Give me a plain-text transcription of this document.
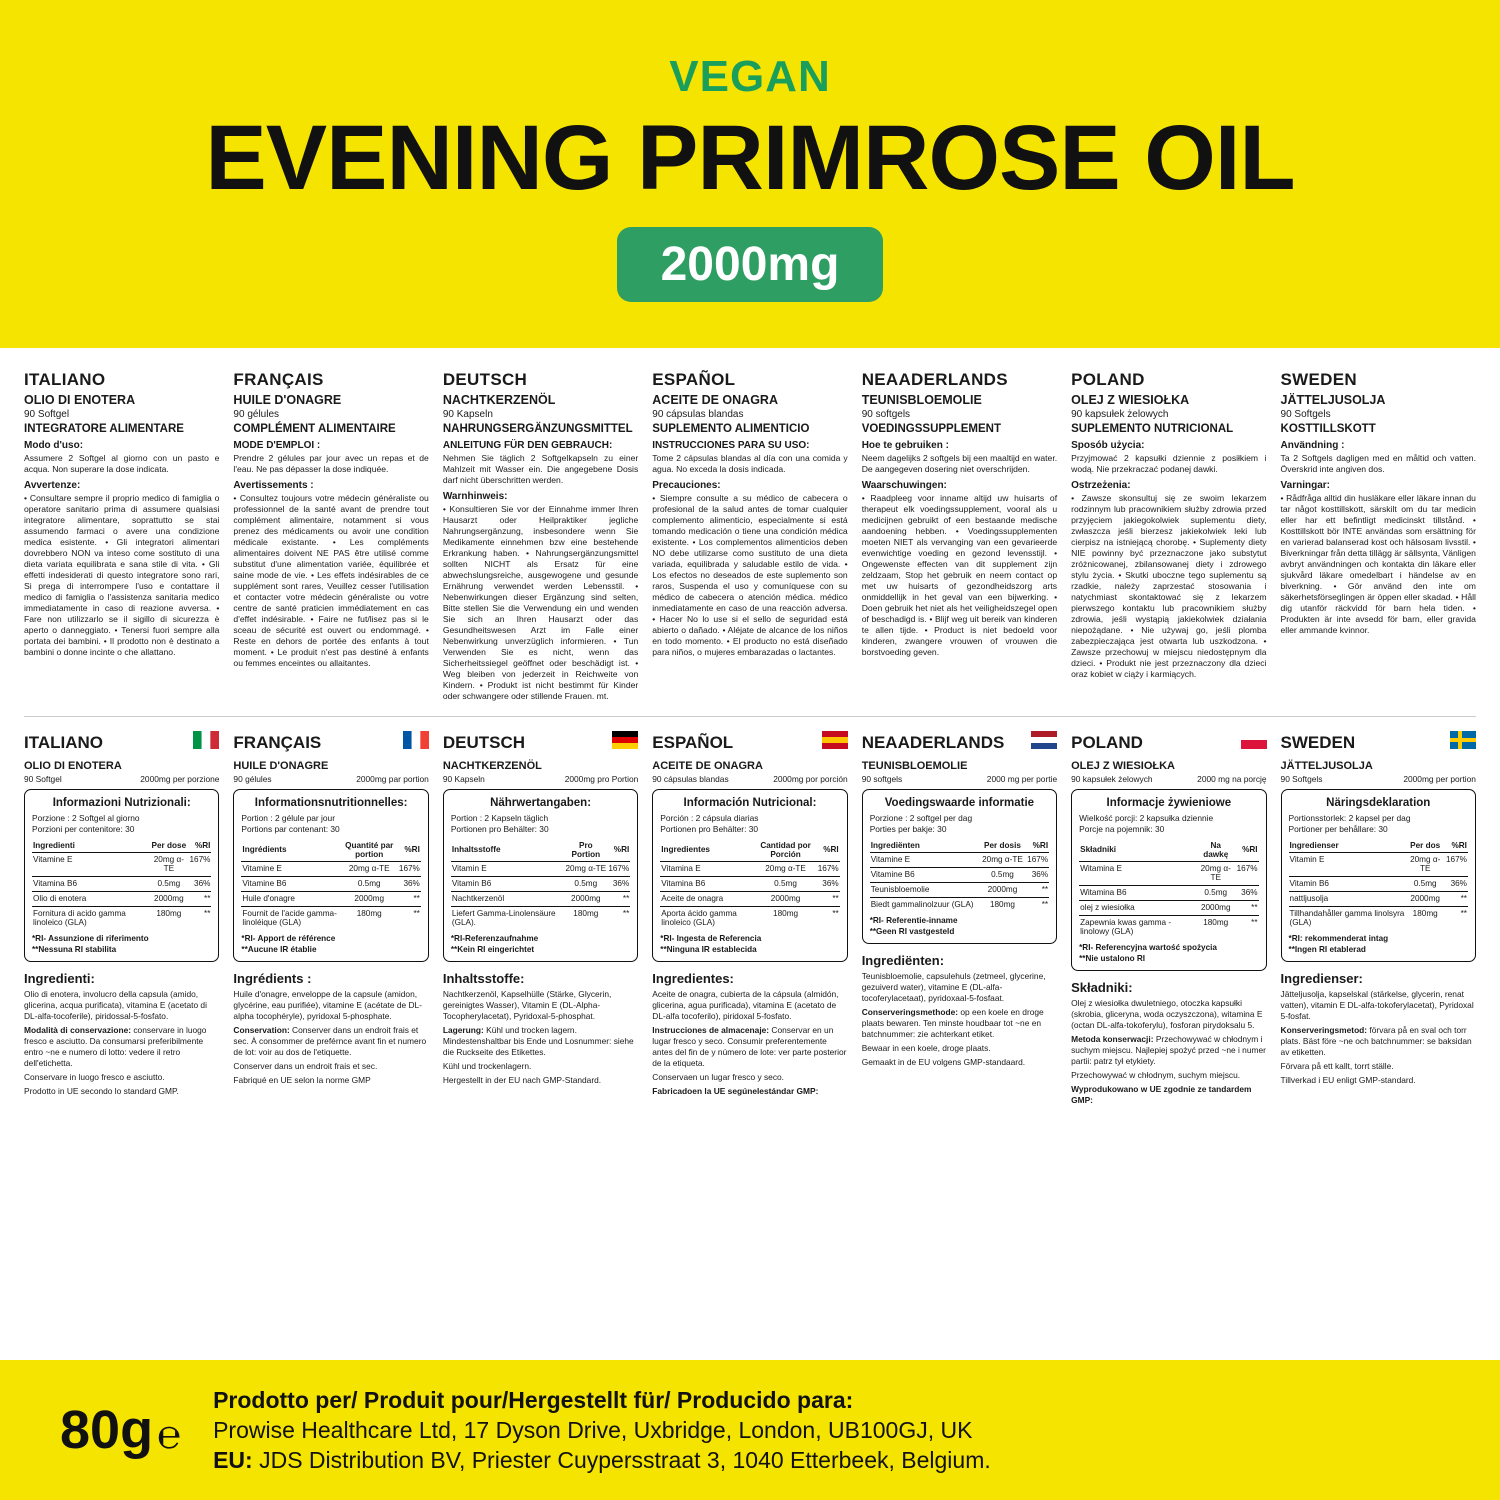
VEGAN
EVENING PRIMROSE OIL
2000mg
ITALIANO
OLIO DI ENOTERA
90 Softgel
INTEGRATORE ALIMENTARE
Modo d'uso:
Assumere 2 Softgel al giorno con un pasto e acqua. Non superare la dose indicata.
Avvertenze:
• Consultare sempre il proprio medico di famiglia o operatore sanitario prima di assumere qualsiasi integratore alimentare, soprattutto se stai assumendo farmaci o avere una condizione medica esistente. • Gli integratori alimentari dovrebbero NON va inteso come sostituto di una dieta variata equilibrata e sana stile di vita. • Gli effetti indesiderati di questo integratore sono rari, Si prega di interrompere l'uso e contattare il medico di famiglia o l'assistenza sanitaria medico immediatamente in caso di reazione avversa. • Fare non utilizzarlo se il sigillo di sicurezza è aperto o danneggiato. • Tenersi fuori sempre alla portata dei bambini. • Il prodotto non è destinato a bambini o donne incinte o che allattano.
FRANÇAIS
HUILE D'ONAGRE
90 gélules
COMPLÉMENT ALIMENTAIRE
MODE D'EMPLOI :
Prendre 2 gélules par jour avec un repas et de l'eau. Ne pas dépasser la dose indiquée.
Avertissements :
• Consultez toujours votre médecin généraliste ou professionnel de la santé avant de prendre tout complément alimentaire, notamment si vous prenez des médicaments ou avoir une condition médicale existante. • Les compléments alimentaires doivent NE PAS être utilisé comme substitut d'une alimentation variée, équilibrée et saine mode de vie. • Les effets indésirables de ce supplément sont rares, Veuillez cesser l'utilisation et contacter votre médecin généraliste ou votre centre de santé praticien immédiatement en cas d'effet indésirable. • Faire ne fut/lisez pas si le sceau de sécurité est ouvert ou endommagé. • Reste en dehors de portée des enfants à tout moment. • Le produit n'est pas destiné à enfants ou femmes enceintes ou allaitantes.
DEUTSCH
NACHTKERZENÖL
90 Kapseln
NAHRUNGSERGÄNZUNGSMITTEL
ANLEITUNG FÜR DEN GEBRAUCH:
Nehmen Sie täglich 2 Softgelkapseln zu einer Mahlzeit mit Wasser ein. Die angegebene Dosis darf nicht überschritten werden.
Warnhinweis:
• Konsultieren Sie vor der Einnahme immer Ihren Hausarzt oder Heilpraktiker jegliche Nahrungsergänzung, insbesondere wenn Sie Medikamente einnehmen bzw eine bestehende Erkrankung haben. • Nahrungsergänzungsmittel sollten NICHT als Ersatz für eine abwechslungsreiche, ausgewogene und gesunde Ernährung verwendet werden Lebensstil. • Nebenwirkungen dieser Ergänzung sind selten, Bitte stellen Sie die Verwendung ein und wenden Sie sich an Ihren Hausarzt oder das Gesundheitswesen Arzt im Falle einer Nebenwirkung unverzüglich informieren. • Tun Verwenden Sie es nicht, wenn das Sicherheitssiegel geöffnet oder beschädigt ist. • Weg bleiben von jederzeit in Reichweite von Kindern. • Produkt ist nicht bestimmt für Kinder oder schwangere oder stillende Frauen. mt.
ESPAÑOL
ACEITE DE ONAGRA
90 cápsulas blandas
SUPLEMENTO ALIMENTICIO
INSTRUCCIONES PARA SU USO:
Tome 2 cápsulas blandas al día con una comida y agua. No exceda la dosis indicada.
Precauciones:
• Siempre consulte a su médico de cabecera o profesional de la salud antes de tomar cualquier complemento alimenticio, especialmente si está tomando medicación o tiene una condición médica existente. • Los complementos alimenticios deben NO debe utilizarse como sustituto de una dieta variada, equilibrada y saludable estilo de vida. • Los efectos no deseados de este suplemento son raros, Suspenda el uso y comuníquese con su médico de cabecera o atención médica. médico inmediatamente en caso de una reacción adversa. • Hacer No lo use si el sello de seguridad está abierto o dañado. • Aléjate de alcance de los niños en todo momento. • El producto no está diseñado para niños, o mujeres embarazadas o lactantes.
NEAADERLANDS
TEUNISBLOEMOLIE
90 softgels
VOEDINGSSUPPLEMENT
Hoe te gebruiken :
Neem dagelijks 2 softgels bij een maaltijd en water. De aangegeven dosering niet overschrijden.
Waarschuwingen:
• Raadpleeg voor inname altijd uw huisarts of therapeut elk voedingssupplement, vooral als u medicijnen gebruikt of een bestaande medische aandoening hebben. • Voedingssupplementen moeten NIET als vervanging van een gevarieerde evenwichtige voeding en gezond levensstijl. • Ongewenste effecten van dit supplement zijn zeldzaam, Stop het gebruik en neem contact op met uw huisarts of gezondheidszorg arts onmiddellijk in het geval van een bijwerking. • Doen gebruik het niet als het veiligheidszegel open of beschadigd is. • Blijf weg uit bereik van kinderen te allen tijde. • Product is niet bedoeld voor kinderen, zwangere vrouwen of vrouwen die borstvoeding geven.
POLAND
OLEJ Z WIESIOŁKA
90 kapsułek żelowych
SUPLEMENTO NUTRICIONAL
Sposób użycia:
Przyjmować 2 kapsułki dziennie z posiłkiem i wodą. Nie przekraczać podanej dawki.
Ostrzeżenia:
• Zawsze skonsultuj się ze swoim lekarzem rodzinnym lub pracownikiem służby zdrowia przed przyjęciem jakiegokolwiek suplementu diety, zwłaszcza jeśli bierzesz jakiekolwiek leki lub cierpisz na istniejącą chorobę. • Suplementy diety NIE powinny być przeznaczone jako substytut zróżnicowanej, zbilansowanej diety i zdrowego stylu życia. • Skutki uboczne tego suplementu są rzadkie, należy zaprzestać stosowania i natychmiast skontaktować się z lekarzem pierwszego kontaktu lub pracownikiem służby zdrowia, jeśli wystąpią jakiekolwiek działania niepożądane. • Nie używaj go, jeśli plomba zabezpieczająca jest otwarta lub uszkodzona. • Zawsze przechowuj w miejscu niedostępnym dla dzieci. • Produkt nie jest przeznaczony dla dzieci oraz kobiet w ciąży i karmiących.
SWEDEN
JÄTTELJUSOLJA
90 Softgels
KOSTTILLSKOTT
Användning :
Ta 2 Softgels dagligen med en måltid och vatten. Överskrid inte angiven dos.
Varningar:
• Rådfråga alltid din husläkare eller läkare innan du tar något kosttillskott, särskilt om du tar medicin eller har ett befintligt medicinskt tillstånd. • Kosttillskott bör INTE användas som ersättning för en varierad balanserad kost och hälsosam livsstil. • Biverkningar från detta tillägg är sällsynta, Vänligen avbryt användningen och kontakta din läkare eller sjukvård läkare omedelbart i händelse av en biverkning. • Gör använd den inte om säkerhetsförseglingen är öppen eller skadad. • Håll dig utanför räckvidd för barn hela tiden. • Produkten är inte avsedd för barn, eller gravida eller ammande kvinnor.
ITALIANO
OLIO DI ENOTERA
90 Softgel	2000mg per porzione
Informazioni Nutrizionali:
Porzione : 2 Softgel al giorno
Porzioni per contenitore: 30
Ingredienti	Per dose	%RI
Vitamine E	20mg α-TE	167%
Vitamina B6	0.5mg	36%
Olio di enotera	2000mg	**
Fornitura di acido gamma linoleico (GLA)	180mg	**
*RI- Assunzione di riferimento
**Nessuna RI stabilita
Ingredienti:
Olio di enotera, involucro della capsula (amido, glicerina, acqua purificata), vitamina E (acetato di DL-alfa-tocoferile), piridossal-5-fosfato.
Modalità di conservazione: conservare in luogo fresco e asciutto. Da consumarsi preferibilmente entro ~ne e numero di lotto: vedere il retro dell'etichetta.
Conservare in luogo fresco e asciutto.
Prodotto in UE secondo lo standard GMP.
FRANÇAIS
HUILE D'ONAGRE
90 gélules	2000mg par portion
Informationsnutritionnelles:
Portion : 2 gélule par jour
Portions par contenant: 30
Ingrédients	Quantité par portion	%RI
Vitamine E	20mg α-TE	167%
Vitamine B6	0.5mg	36%
Huile d'onagre	2000mg	**
Fournit de l'acide gamma-linoléique (GLA)	180mg	**
*RI- Apport de référence
**Aucune IR établie
Ingrédients :
Huile d'onagre, enveloppe de la capsule (amidon, glycérine, eau purifiée), vitamine E (acétate de DL-alpha tocophéryle), pyridoxal 5-phosphate.
Conservation: Conserver dans un endroit frais et sec. À consommer de preférnce avant fin et numero de lot: voir au dos de l'etiquette.
Conserver dans un endroit frais et sec.
Fabriqué en UE selon la norme GMP
DEUTSCH
NACHTKERZENÖL
90 Kapseln	2000mg pro Portion
Nährwertangaben:
Portion : 2 Kapseln täglich
Portionen pro Behälter: 30
Inhaltsstoffe	Pro Portion	%RI
Vitamin E	20mg α-TE	167%
Vitamin B6	0.5mg	36%
Nachtkerzenöl	2000mg	**
Liefert Gamma-Linolensäure (GLA).	180mg	**
*RI-Referenzaufnahme
**Kein RI eingerichtet
Inhaltsstoffe:
Nachtkerzenöl, Kapselhülle (Stärke, Glycerin, gereinigtes Wasser), Vitamin E (DL-Alpha-Tocopherylacetat), Pyridoxal-5-phosphat.
Lagerung: Kühl und trocken lagern. Mindestenshaltbar bis Ende und Losnummer: siehe die Ruckseite des Etikettes.
Kühl und trockenlagern.
Hergestellt in der EU nach GMP-Standard.
ESPAÑOL
ACEITE DE ONAGRA
90 cápsulas blandas	2000mg por porción
Información Nutricional:
Porción : 2 cápsula diarias
Portionen pro Behälter: 30
Ingredientes	Cantidad por Porción	%RI
Vitamina E	20mg α-TE	167%
Vitamina B6	0.5mg	36%
Aceite de onagra	2000mg	**
Aporta ácido gamma linoleico (GLA)	180mg	**
*RI- Ingesta de Referencia
**Ninguna IR establecida
Ingredientes:
Aceite de onagra, cubierta de la cápsula (almidón, glicerina, agua purificada), vitamina E (acetato de DL-alfa tocoferilo), piridoxal 5-fosfato.
Instrucciones de almacenaje: Conservar en un lugar fresco y seco. Consumir preferentemente antes del fin de y número de lote: ver parte posterior de la etiqueta.
Conservaen un lugar fresco y seco.
Fabricadoen la UE segúnelestándar GMP:
NEAADERLANDS
TEUNISBLOEMOLIE
90 softgels	2000 mg per portie
Voedingswaarde informatie
Porzione : 2 softgel per dag
Porties per bakje: 30
Ingrediënten	Per dosis	%RI
Vitamine E	20mg α-TE	167%
Vitamine B6	0.5mg	36%
Teunisbloemolie	2000mg	**
Biedt gammalinolzuur (GLA)	180mg	**
*RI- Referentie-inname
**Geen RI vastgesteld
Ingrediënten:
Teunisbloemolie, capsulehuls (zetmeel, glycerine, gezuiverd water), vitamine E (DL-alfa-tocoferylacetaat), pyridoxaal-5-fosfaat.
Conserveringsmethode: op een koele en droge plaats bewaren. Ten minste houdbaar tot ~ne en batchnummer: zie achterkant etiket.
Bewaar in een koele, droge plaats.
Gemaakt in de EU volgens GMP-standaard.
POLAND
OLEJ Z WIESIOŁKA
90 kapsułek żelowych	2000 mg na porcję
Informacje żywieniowe
Wielkość porcji: 2 kapsułka dziennie
Porcje na pojemnik: 30
Składniki	Na dawkę	%RI
Witamina E	20mg α-TE	167%
Witamina B6	0.5mg	36%
olej z wiesiołka	2000mg	**
Zapewnia kwas gamma -linolowy (GLA)	180mg	**
*RI- Referencyjna wartość spożycia
**Nie ustalono RI
Składniki:
Olej z wiesiołka dwuletniego, otoczka kapsułki (skrobia, gliceryna, woda oczyszczona), witamina E (octan DL-alfa-tokoferylu), fosforan pirydoksalu 5.
Metoda konserwacji: Przechowywać w chłodnym i suchym miejscu. Najlepiej spożyć przed ~ne i numer partii: patrz tył etykiety.
Przechowywać w chłodnym, suchym miejscu.
Wyprodukowano w UE zgodnie ze tandardem GMP:
SWEDEN
JÄTTELJUSOLJA
90 Softgels	2000mg per portion
Näringsdeklaration
Portionsstorlek: 2 kapsel per dag
Portioner per behållare: 30
Ingredienser	Per dos	%RI
Vitamin E	20mg α-TE	167%
Vitamin B6	0.5mg	36%
nattljusolja	2000mg	**
Tillhandahåller gamma linolsyra (GLA)	180mg	**
*RI: rekommenderat intag
**Ingen RI etablerad
Ingredienser:
Jätteljusolja, kapselskal (stärkelse, glycerin, renat vatten), vitamin E DL-alfa-tokoferylacetat), Pyridoxal 5-fosfat.
Konserveringsmetod: förvara på en sval och torr plats. Bäst före ~ne och batchnummer: se baksidan av etiketten.
Förvara på ett kallt, torrt ställe.
Tillverkad i EU enligt GMP-standard.
80g ℮
Prodotto per/ Produit pour/Hergestellt für/ Producido para:
Prowise Healthcare Ltd, 17 Dyson Drive, Uxbridge, London, UB100GJ, UK
EU: JDS Distribution BV, Priester Cuypersstraat 3, 1040 Etterbeek, Belgium.
